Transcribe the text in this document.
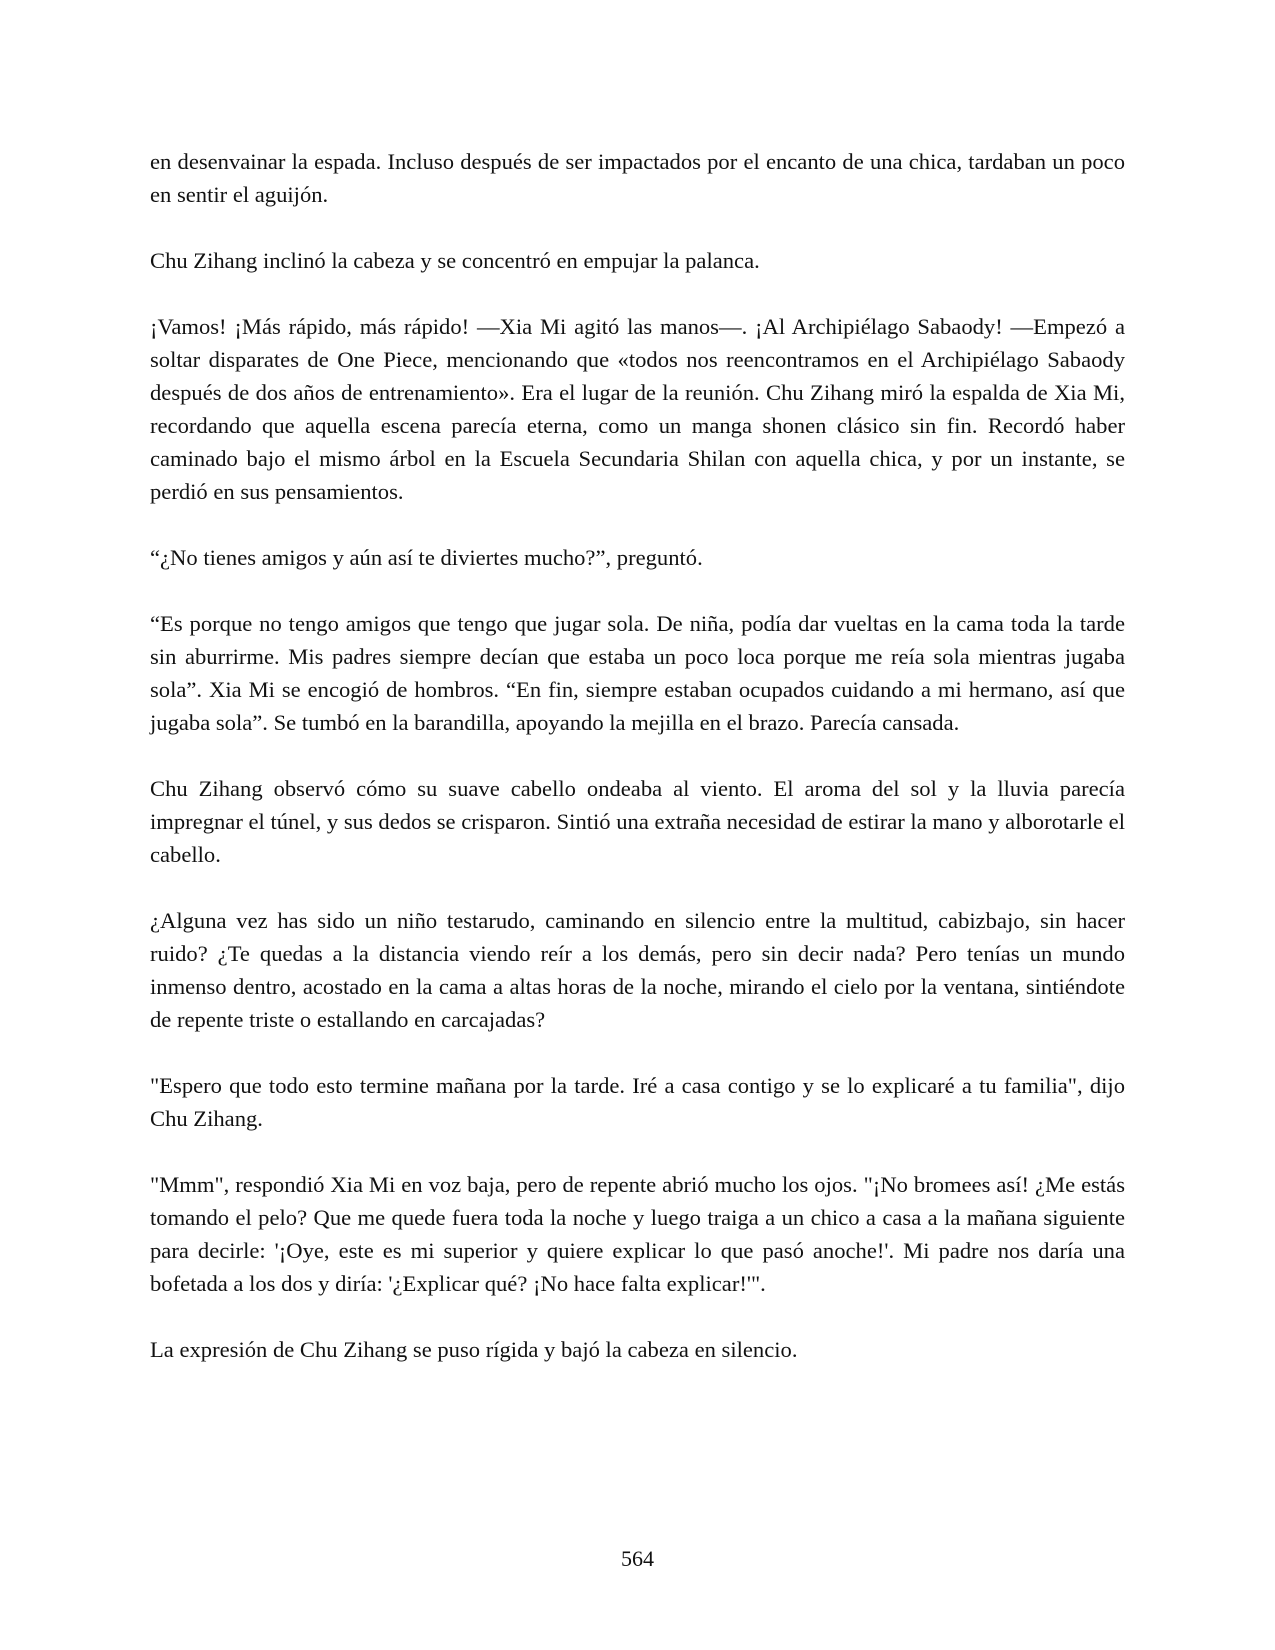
en desenvainar la espada. Incluso después de ser impactados por el encanto de una chica, tardaban un poco en sentir el aguijón.

Chu Zihang inclinó la cabeza y se concentró en empujar la palanca.

¡Vamos! ¡Más rápido, más rápido! —Xia Mi agitó las manos—. ¡Al Archipiélago Sabaody! —Empezó a soltar disparates de One Piece, mencionando que «todos nos reencontramos en el Archipiélago Sabaody después de dos años de entrenamiento». Era el lugar de la reunión. Chu Zihang miró la espalda de Xia Mi, recordando que aquella escena parecía eterna, como un manga shonen clásico sin fin. Recordó haber caminado bajo el mismo árbol en la Escuela Secundaria Shilan con aquella chica, y por un instante, se perdió en sus pensamientos.

“¿No tienes amigos y aún así te diviertes mucho?”, preguntó.

“Es porque no tengo amigos que tengo que jugar sola. De niña, podía dar vueltas en la cama toda la tarde sin aburrirme. Mis padres siempre decían que estaba un poco loca porque me reía sola mientras jugaba sola”. Xia Mi se encogió de hombros. “En fin, siempre estaban ocupados cuidando a mi hermano, así que jugaba sola”. Se tumbó en la barandilla, apoyando la mejilla en el brazo. Parecía cansada.

Chu Zihang observó cómo su suave cabello ondeaba al viento. El aroma del sol y la lluvia parecía impregnar el túnel, y sus dedos se crisparon. Sintió una extraña necesidad de estirar la mano y alborotarle el cabello.

¿Alguna vez has sido un niño testarudo, caminando en silencio entre la multitud, cabizbajo, sin hacer ruido? ¿Te quedas a la distancia viendo reír a los demás, pero sin decir nada? Pero tenías un mundo inmenso dentro, acostado en la cama a altas horas de la noche, mirando el cielo por la ventana, sintiéndote de repente triste o estallando en carcajadas?

"Espero que todo esto termine mañana por la tarde. Iré a casa contigo y se lo explicaré a tu familia", dijo Chu Zihang.

"Mmm", respondió Xia Mi en voz baja, pero de repente abrió mucho los ojos. "¡No bromees así! ¿Me estás tomando el pelo? Que me quede fuera toda la noche y luego traiga a un chico a casa a la mañana siguiente para decirle: '¡Oye, este es mi superior y quiere explicar lo que pasó anoche!'. Mi padre nos daría una bofetada a los dos y diría: '¿Explicar qué? ¡No hace falta explicar!'".

La expresión de Chu Zihang se puso rígida y bajó la cabeza en silencio.

564
